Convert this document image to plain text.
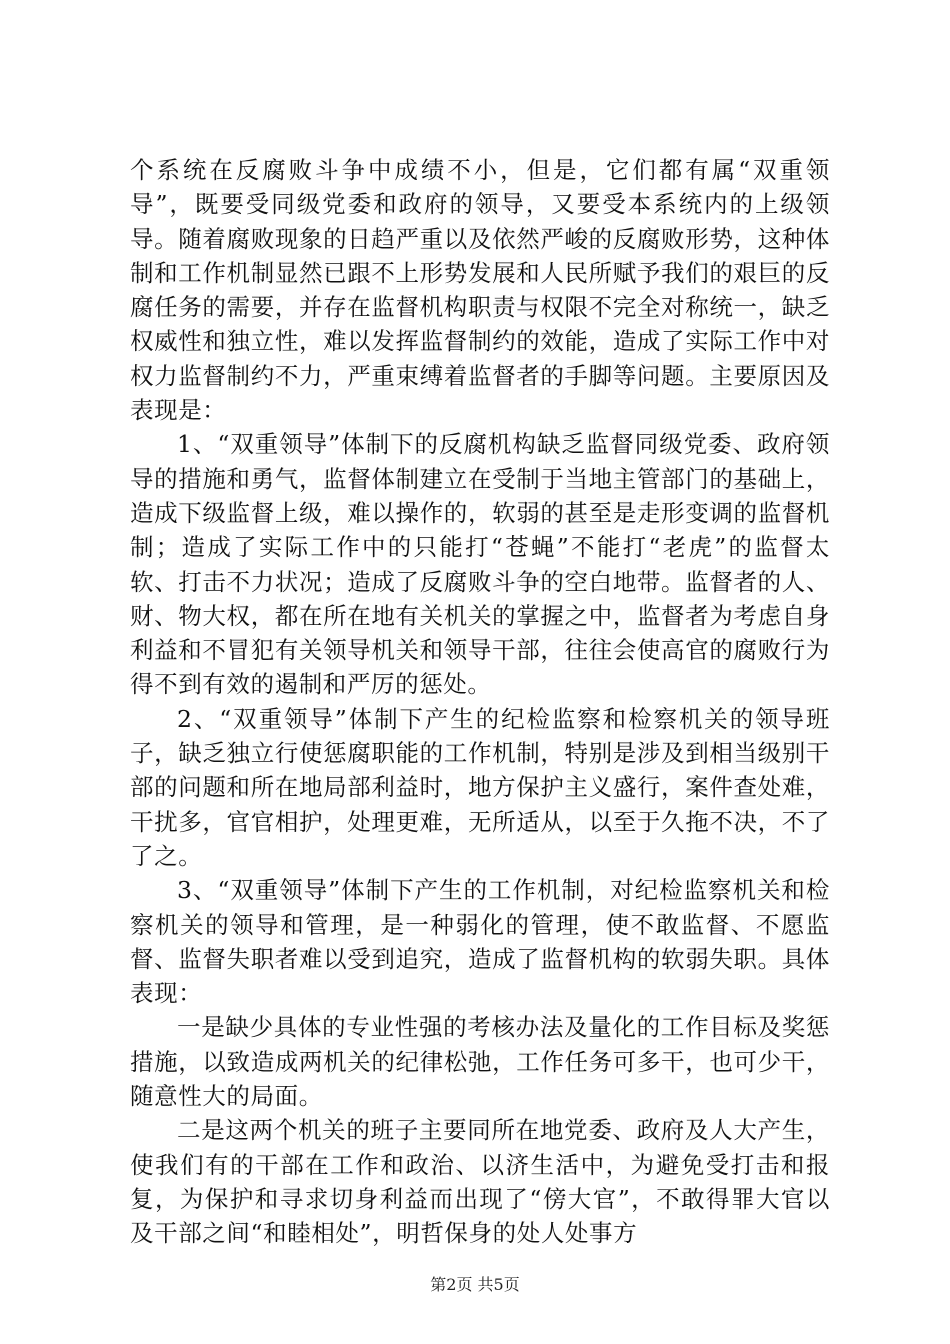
个系统在反腐败斗争中成绩不小，但是，它们都有属“双重领导”，既要受同级党委和政府的领导，又要受本系统内的上级领导。随着腐败现象的日趋严重以及依然严峻的反腐败形势，这种体制和工作机制显然已跟不上形势发展和人民所赋予我们的艰巨的反腐任务的需要，并存在监督机构职责与权限不完全对称统一，缺乏权威性和独立性，难以发挥监督制约的效能，造成了实际工作中对权力监督制约不力，严重束缚着监督者的手脚等问题。主要原因及表现是：

1、“双重领导”体制下的反腐机构缺乏监督同级党委、政府领导的措施和勇气，监督体制建立在受制于当地主管部门的基础上，造成下级监督上级，难以操作的，软弱的甚至是走形变调的监督机制；造成了实际工作中的只能打“苍蝇”不能打“老虎”的监督太软、打击不力状况；造成了反腐败斗争的空白地带。监督者的人、财、物大权，都在所在地有关机关的掌握之中，监督者为考虑自身利益和不冒犯有关领导机关和领导干部，往往会使高官的腐败行为得不到有效的遏制和严厉的惩处。

2、“双重领导”体制下产生的纪检监察和检察机关的领导班子，缺乏独立行使惩腐职能的工作机制，特别是涉及到相当级别干部的问题和所在地局部利益时，地方保护主义盛行，案件查处难，干扰多，官官相护，处理更难，无所适从，以至于久拖不决，不了了之。

3、“双重领导”体制下产生的工作机制，对纪检监察机关和检察机关的领导和管理，是一种弱化的管理，使不敢监督、不愿监督、监督失职者难以受到追究，造成了监督机构的软弱失职。具体表现：

一是缺少具体的专业性强的考核办法及量化的工作目标及奖惩措施，以致造成两机关的纪律松弛，工作任务可多干，也可少干，随意性大的局面。

二是这两个机关的班子主要同所在地党委、政府及人大产生，使我们有的干部在工作和政治、以济生活中，为避免受打击和报复，为保护和寻求切身利益而出现了“傍大官”，不敢得罪大官以及干部之间“和睦相处”，明哲保身的处人处事方

第2页 共5页
